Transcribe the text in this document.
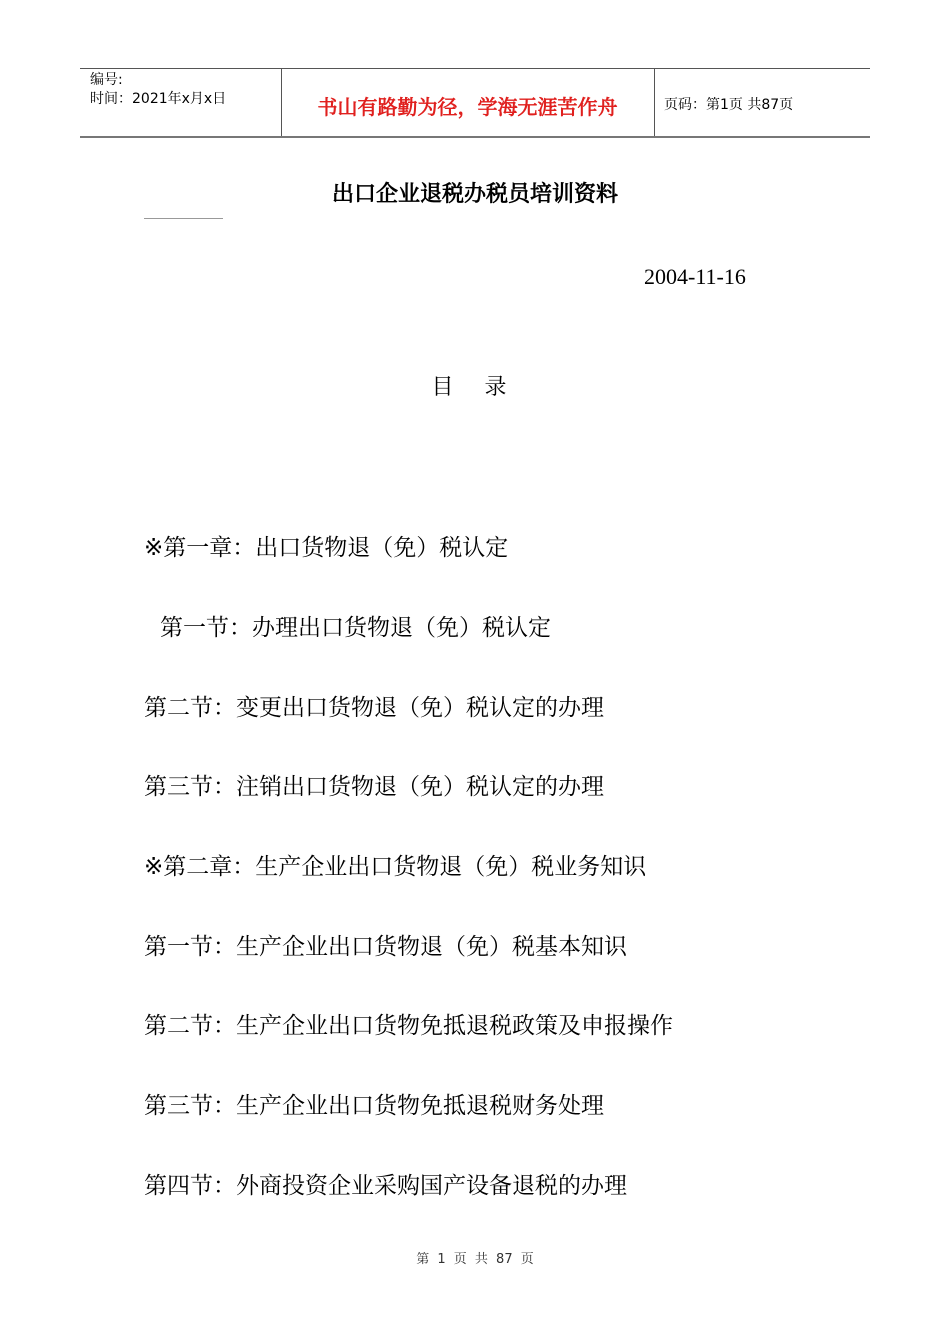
编号:
时间：2021年x月x日	书山有路勤为径，学海无涯苦作舟	页码：第1页 共87页
出口企业退税办税员培训资料
2004-11-16
目 录
※第一章：出口货物退（免）税认定
第一节：办理出口货物退（免）税认定
第二节：变更出口货物退（免）税认定的办理
第三节：注销出口货物退（免）税认定的办理
※第二章：生产企业出口货物退（免）税业务知识
第一节：生产企业出口货物退（免）税基本知识
第二节：生产企业出口货物免抵退税政策及申报操作
第三节：生产企业出口货物免抵退税财务处理
第四节：外商投资企业采购国产设备退税的办理
第 1 页 共 87 页
